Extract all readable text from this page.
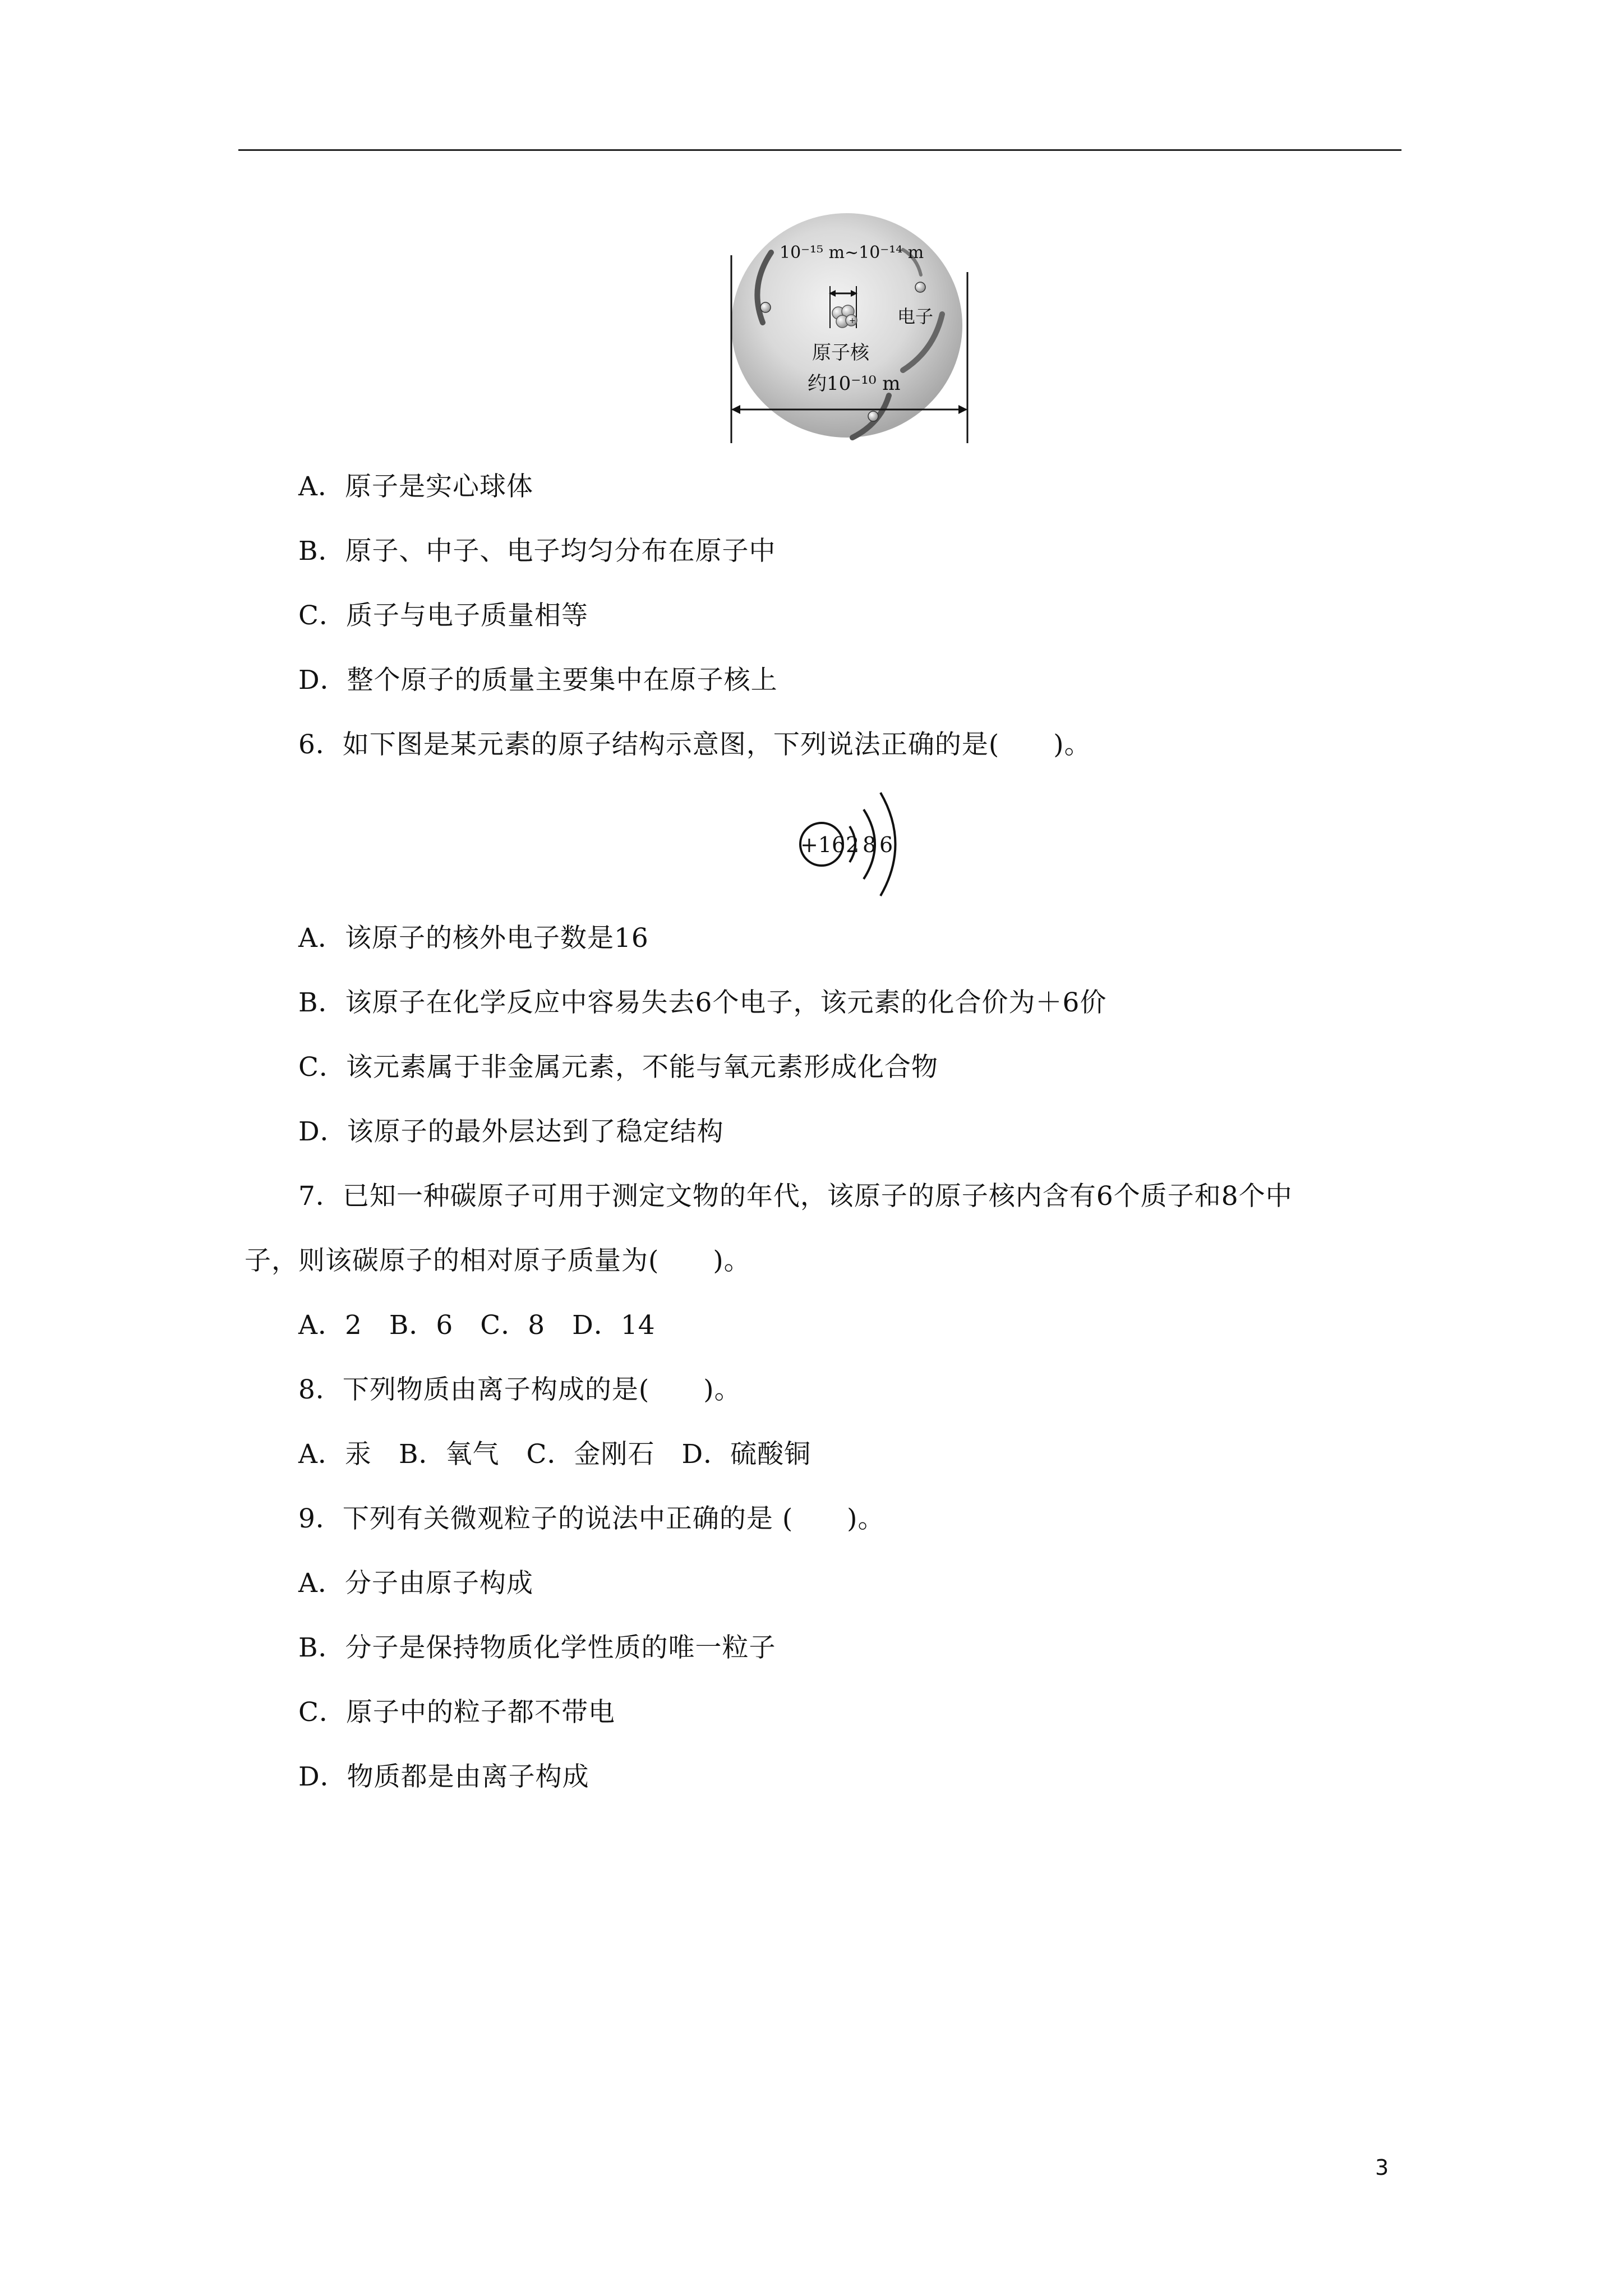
+
10⁻¹⁵ m~10⁻¹⁴ m
电子
原子核
约10⁻¹⁰ m
A．原子是实心球体
B．原子、中子、电子均匀分布在原子中
C．质子与电子质量相等
D．整个原子的质量主要集中在原子核上
6．如下图是某元素的原子结构示意图，下列说法正确的是(　　)。
+16 2 8 6
A．该原子的核外电子数是16
B．该原子在化学反应中容易失去6个电子，该元素的化合价为＋6价
C．该元素属于非金属元素，不能与氧元素形成化合物
D．该原子的最外层达到了稳定结构
7．已知一种碳原子可用于测定文物的年代，该原子的原子核内含有6个质子和8个中
子，则该碳原子的相对原子质量为(　　)。
A．2　B．6　C．8　D．14
8．下列物质由离子构成的是(　　)。
A．汞　B．氧气　C．金刚石　D．硫酸铜
9．下列有关微观粒子的说法中正确的是 (　　)。
A．分子由原子构成
B．分子是保持物质化学性质的唯一粒子
C．原子中的粒子都不带电
D．物质都是由离子构成
3
